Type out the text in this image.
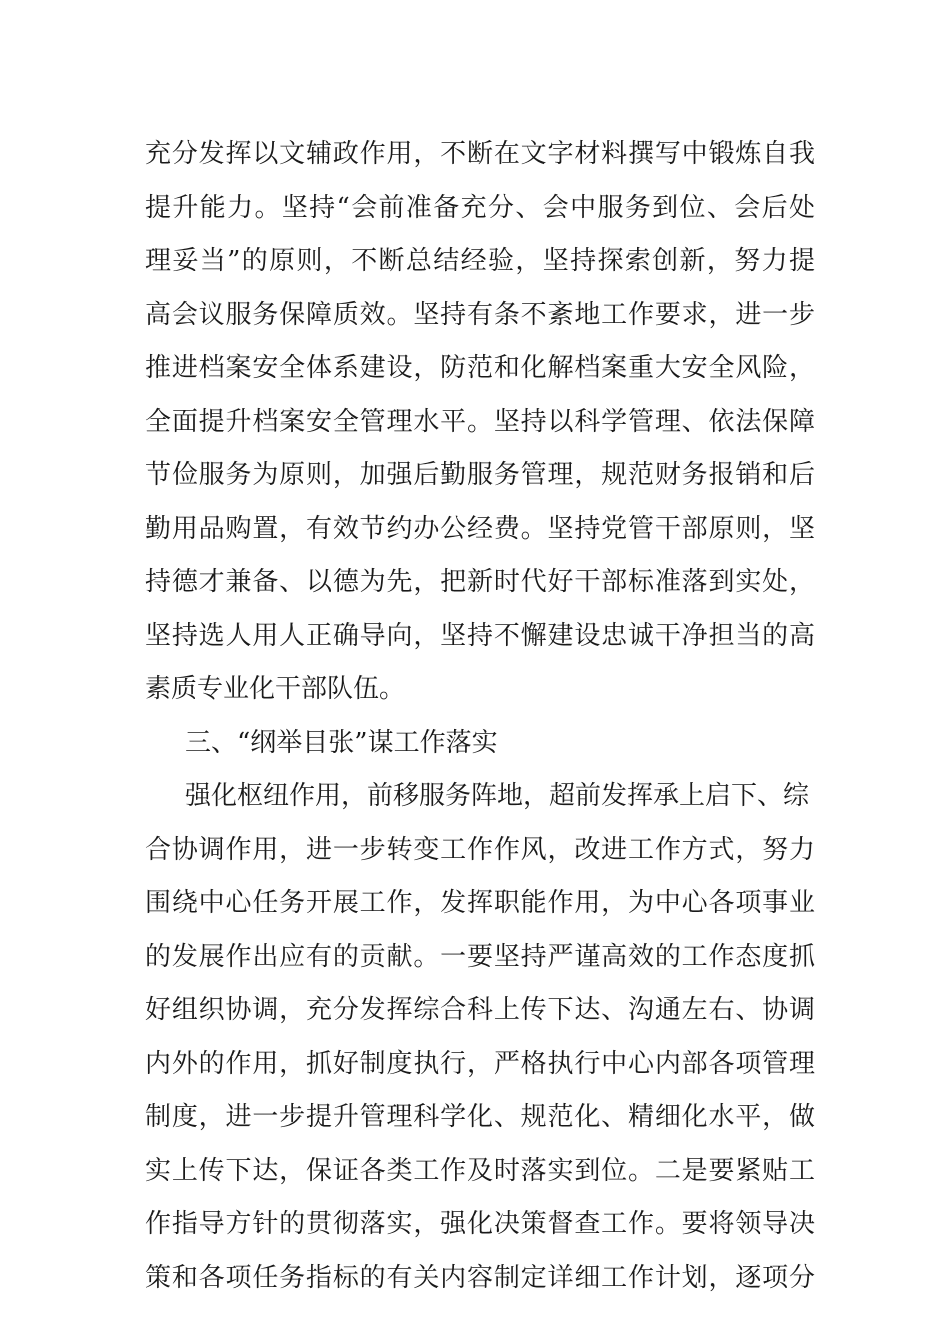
充分发挥以文辅政作用，不断在文字材料撰写中锻炼自我
提升能力。坚持“会前准备充分、会中服务到位、会后处
理妥当”的原则，不断总结经验，坚持探索创新，努力提
高会议服务保障质效。坚持有条不紊地工作要求，进一步
推进档案安全体系建设，防范和化解档案重大安全风险，
全面提升档案安全管理水平。坚持以科学管理、依法保障
节俭服务为原则，加强后勤服务管理，规范财务报销和后
勤用品购置，有效节约办公经费。坚持党管干部原则，坚
持德才兼备、以德为先，把新时代好干部标准落到实处，
坚持选人用人正确导向，坚持不懈建设忠诚干净担当的高
素质专业化干部队伍。
三、“纲举目张”谋工作落实
强化枢纽作用，前移服务阵地，超前发挥承上启下、综
合协调作用，进一步转变工作作风，改进工作方式，努力
围绕中心任务开展工作，发挥职能作用，为中心各项事业
的发展作出应有的贡献。一要坚持严谨高效的工作态度抓
好组织协调，充分发挥综合科上传下达、沟通左右、协调
内外的作用，抓好制度执行，严格执行中心内部各项管理
制度，进一步提升管理科学化、规范化、精细化水平，做
实上传下达，保证各类工作及时落实到位。二是要紧贴工
作指导方针的贯彻落实，强化决策督查工作。要将领导决
策和各项任务指标的有关内容制定详细工作计划，逐项分
